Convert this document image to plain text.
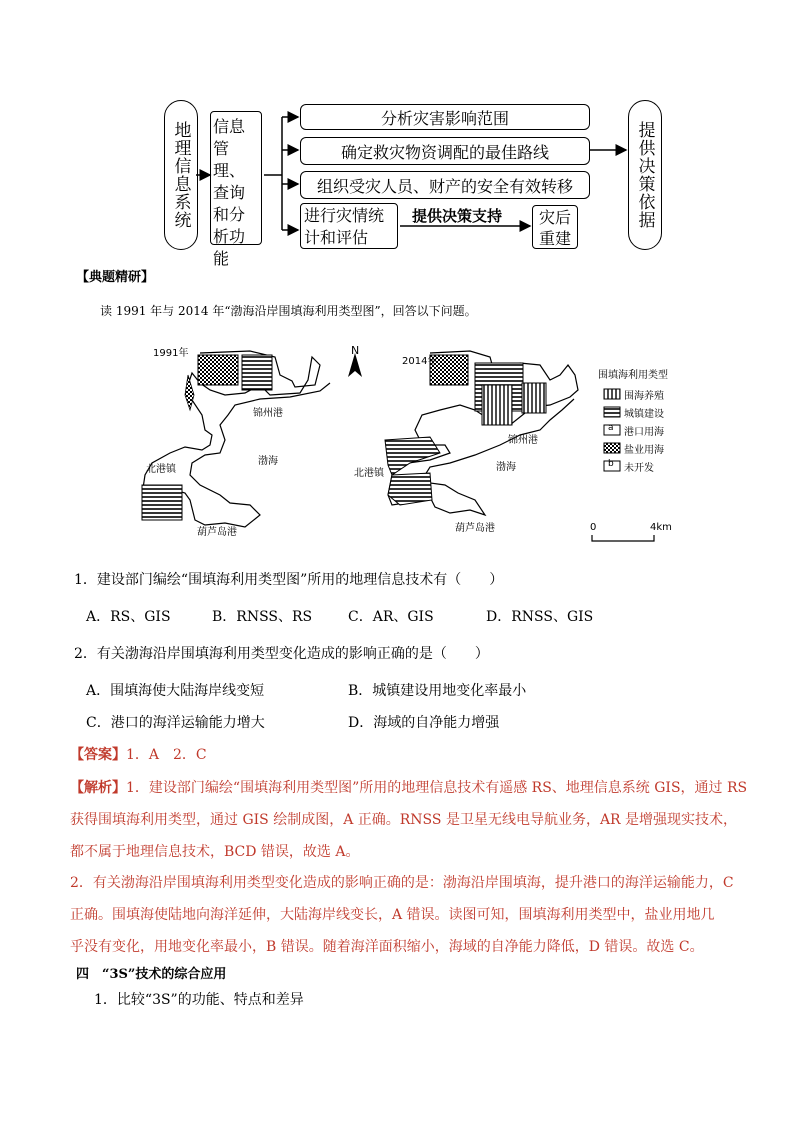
地理信息系统	信息管理、查询和分析功能
分析灾害影响范围
确定救灾物资调配的最佳路线
组织受灾人员、财产的安全有效转移
进行灾情统计和评估
提供决策支持	灾后重建
提供决策依据
【典题精研】
读 1991 年与 2014 年“渤海沿岸围填海利用类型图”，回答以下问题。
1991年
2014年
N
锦州港
渤海
北港镇
葫芦岛港
锦州港
渤海
北港镇
葫芦岛港
围填海利用类型
围海养殖
城镇建设
a 港口用海
盐业用海
b 未开发
0	4km
1．建设部门编绘“围填海利用类型图”所用的地理信息技术有（　　）
A．RS、GIS	B．RNSS、RS	C．AR、GIS	D．RNSS、GIS
2．有关渤海沿岸围填海利用类型变化造成的影响正确的是（　　）
A．围填海使大陆海岸线变短	B．城镇建设用地变化率最小
C．港口的海洋运输能力增大	D．海域的自净能力增强
【答案】1．A　2．C
【解析】1．建设部门编绘“围填海利用类型图”所用的地理信息技术有遥感 RS、地理信息系统 GIS，通过 RS
获得围填海利用类型，通过 GIS 绘制成图，A 正确。RNSS 是卫星无线电导航业务，AR 是增强现实技术，
都不属于地理信息技术，BCD 错误，故选 A。
2．有关渤海沿岸围填海利用类型变化造成的影响正确的是：渤海沿岸围填海，提升港口的海洋运输能力，C
正确。围填海使陆地向海洋延伸，大陆海岸线变长，A 错误。读图可知，围填海利用类型中，盐业用地几
乎没有变化，用地变化率最小，B 错误。随着海洋面积缩小，海域的自净能力降低，D 错误。故选 C。
四　“3S”技术的综合应用
1．比较“3S”的功能、特点和差异
